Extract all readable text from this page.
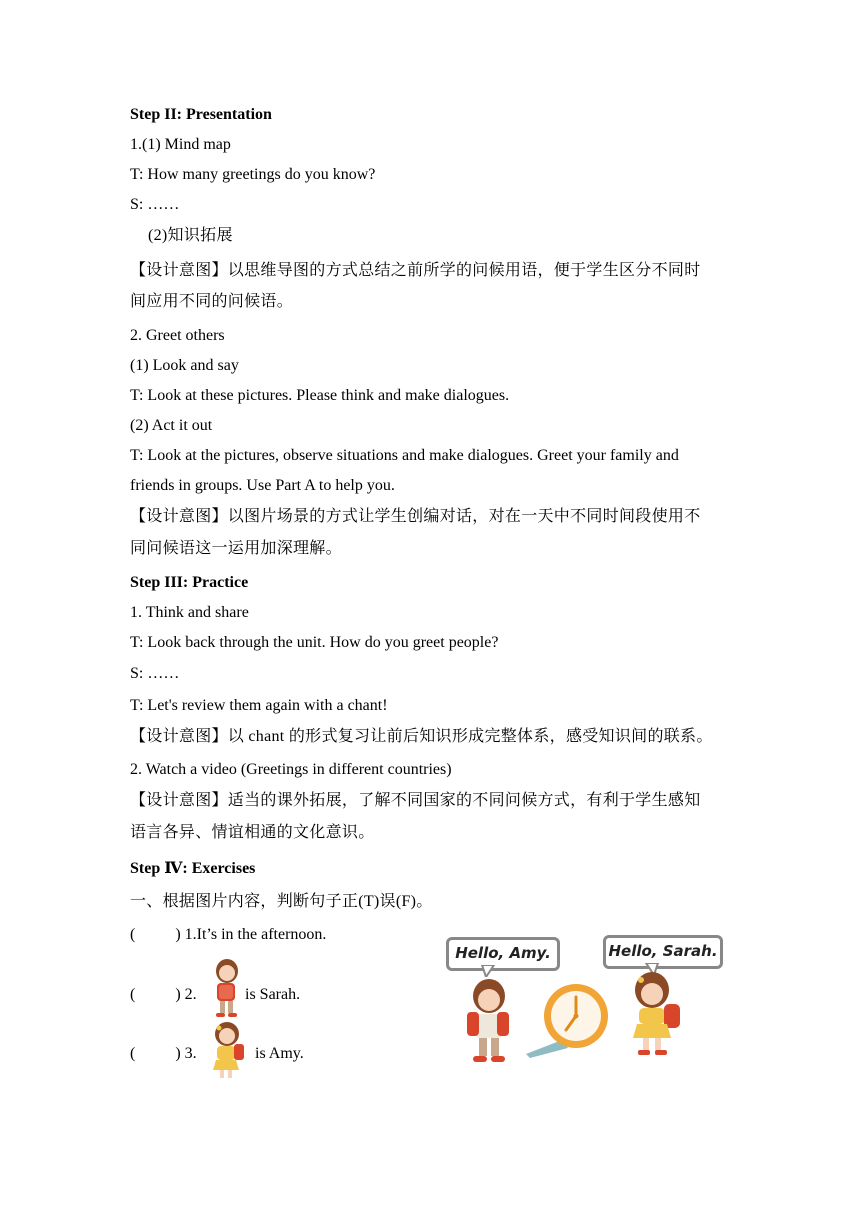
Step II: Presentation
1.(1) Mind map
T: How many greetings do you know?
S: ……
(2)知识拓展
【设计意图】以思维导图的方式总结之前所学的问候用语，便于学生区分不同时
间应用不同的问候语。
2. Greet others
(1) Look and say
T: Look at these pictures. Please think and make dialogues.
(2) Act it out
T: Look at the pictures, observe situations and make dialogues. Greet your family and
friends in groups. Use Part A to help you.
【设计意图】以图片场景的方式让学生创编对话，对在一天中不同时间段使用不
同问候语这一运用加深理解。
Step III: Practice
1. Think and share
T: Look back through the unit. How do you greet people?
S: ……
T: Let's review them again with a chant!
【设计意图】以 chant 的形式复习让前后知识形成完整体系，感受知识间的联系。
2. Watch a video (Greetings in different countries)
【设计意图】适当的课外拓展，了解不同国家的不同问候方式，有利于学生感知
语言各异、情谊相通的文化意识。
Step Ⅳ: Exercises
一、根据图片内容，判断句子正(T)误(F)。
(          ) 1.It’s in the afternoon.
(          ) 2.	is Sarah.
(          ) 3.	is Amy.
Hello, Amy.	Hello, Sarah.
